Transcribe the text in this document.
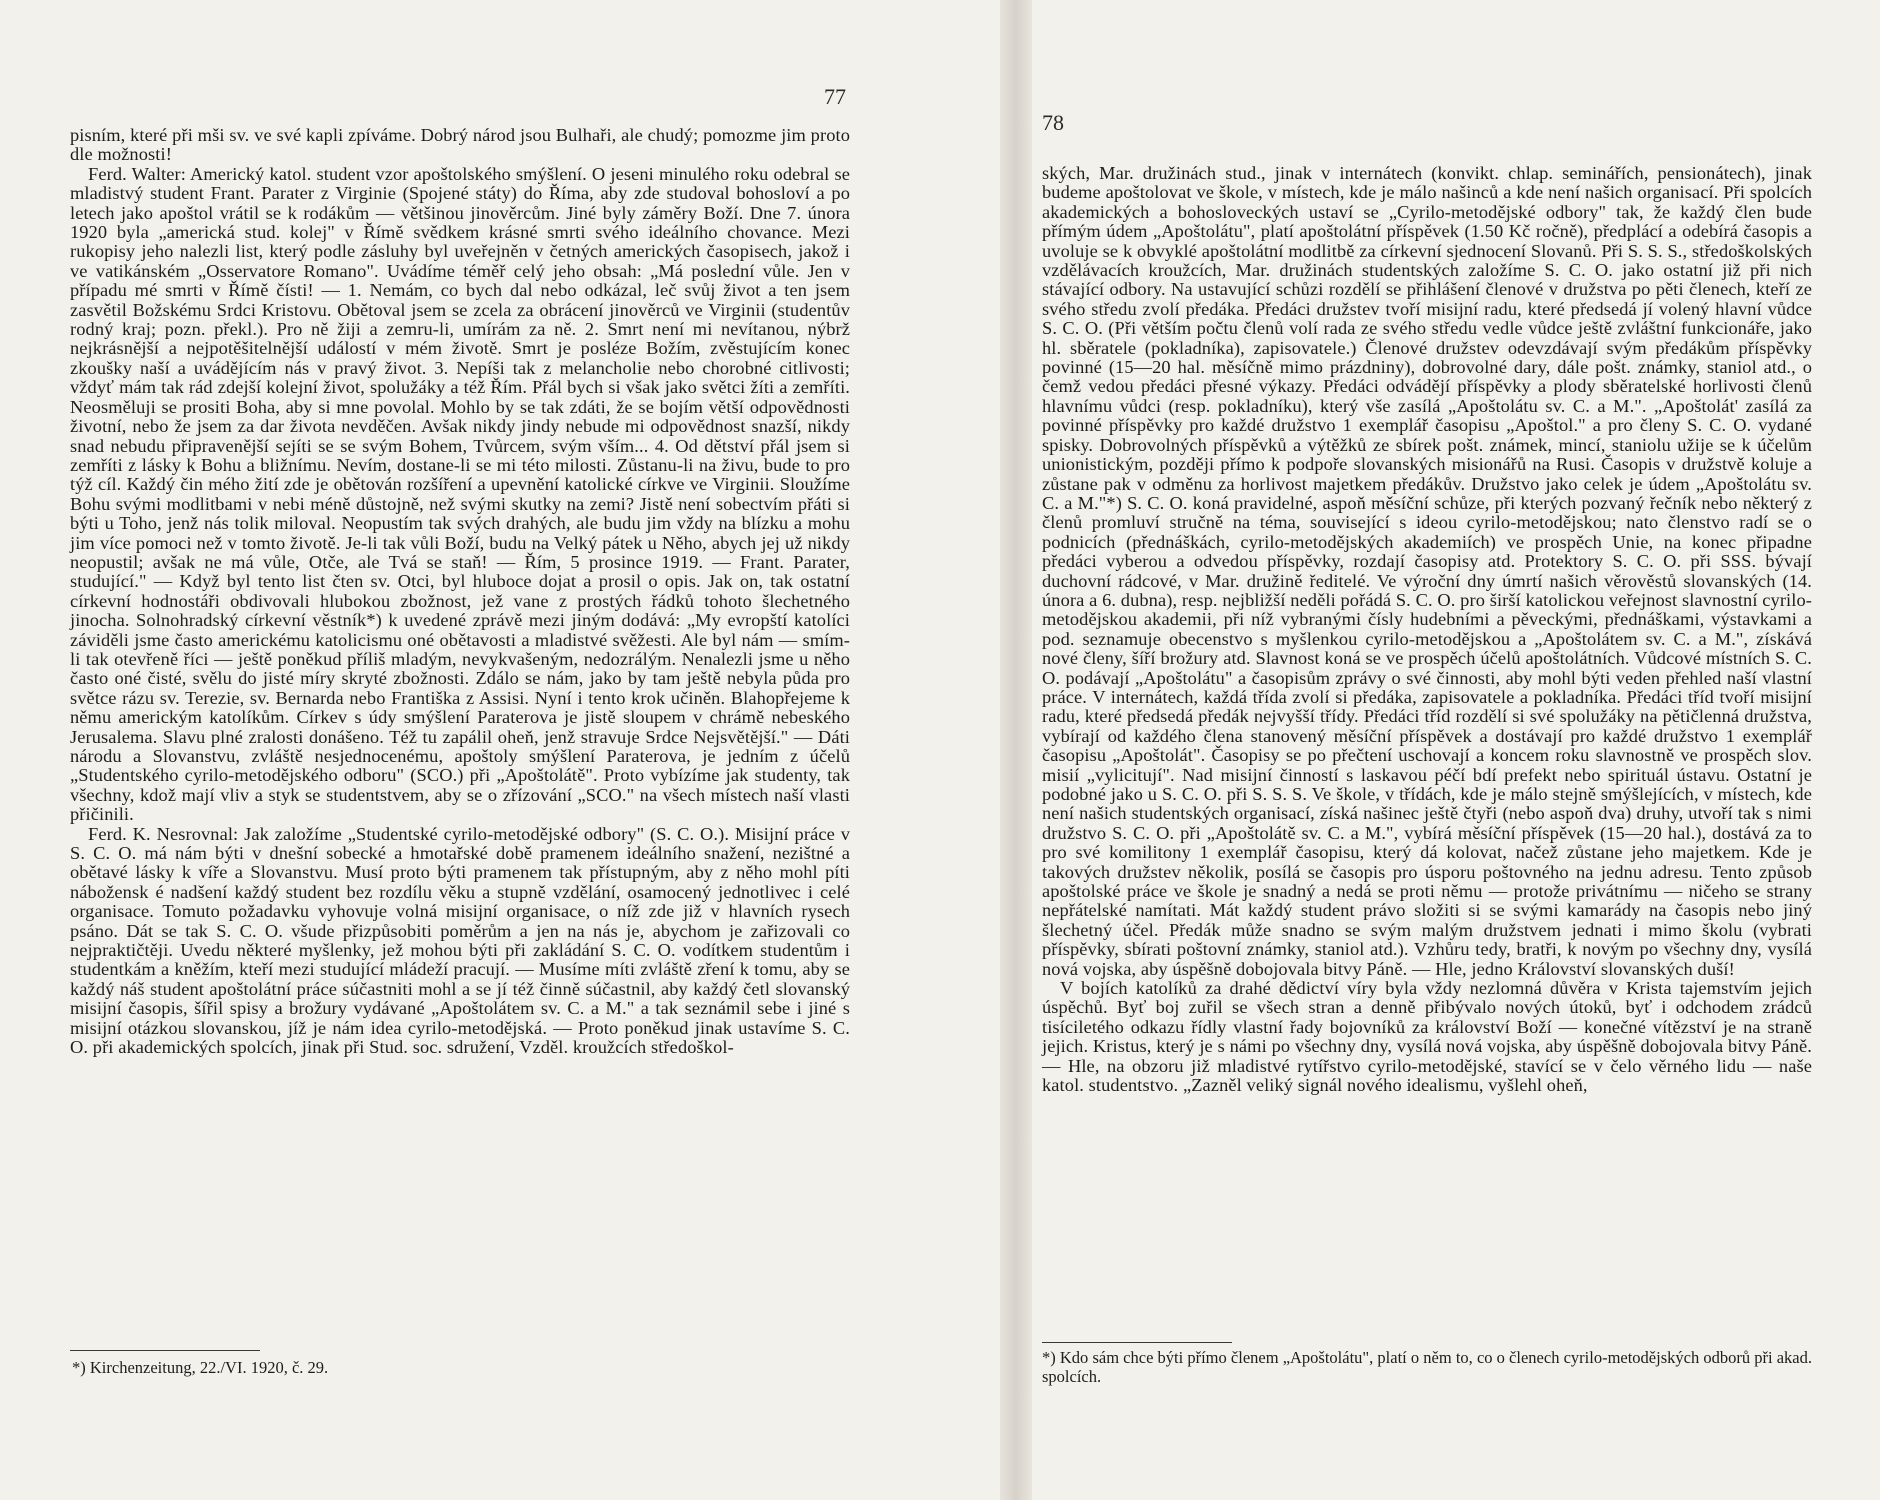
77

pisním, které při mši sv. ve své kapli zpíváme. Dobrý národ jsou Bulhaři, ale chudý; pomozme jim proto dle možnosti!

Ferd. Walter: Americký katol. student vzor apoštolského smýšlení. O jeseni minulého roku odebral se mladistvý student Frant. Parater z Virginie (Spojené státy) do Říma, aby zde studoval bohosloví a po letech jako apoštol vrátil se k rodákům — většinou jinověrcům. Jiné byly záměry Boží. Dne 7. února 1920 byla „americká stud. kolej" v Římě svědkem krásné smrti svého ideálního chovance. Mezi rukopisy jeho nalezli list, který podle zásluhy byl uveřejněn v četných amerických časopisech, jakož i ve vatikánském „Osservatore Romano". Uvádíme téměř celý jeho obsah: „Má poslední vůle. Jen v případu mé smrti v Římě čísti! — 1. Nemám, co bych dal nebo odkázal, leč svůj život a ten jsem zasvětil Božskému Srdci Kristovu. Obětoval jsem se zcela za obrácení jinověrců ve Virginii (studentův rodný kraj; pozn. překl.). Pro ně žiji a zemru-li, umírám za ně. 2. Smrt není mi nevítanou, nýbrž nejkrásnější a nejpotěšitelnější událostí v mém životě. Smrt je posléze Božím, zvěstujícím konec zkoušky naší a uvádějícím nás v pravý život. 3. Nepíši tak z melancholie nebo chorobné citlivosti; vždyť mám tak rád zdejší kolejní život, spolužáky a též Řím. Přál bych si však jako světci žíti a zemříti. Neosměluji se prositi Boha, aby si mne povolal. Mohlo by se tak zdáti, že se bojím větší odpovědnosti životní, nebo že jsem za dar života nevděčen. Avšak nikdy jindy nebude mi odpovědnost snazší, nikdy snad nebudu připravenější sejíti se se svým Bohem, Tvůrcem, svým vším... 4. Od dětství přál jsem si zemříti z lásky k Bohu a bližnímu. Nevím, dostane-li se mi této milosti. Zůstanu-li na živu, bude to pro týž cíl. Každý čin mého žití zde je obětován rozšíření a upevnění katolické církve ve Virginii. Sloužíme Bohu svými modlitbami v nebi méně důstojně, než svými skutky na zemi? Jistě není sobectvím přáti si býti u Toho, jenž nás tolik miloval. Neopustím tak svých drahých, ale budu jim vždy na blízku a mohu jim více pomoci než v tomto životě. Je-li tak vůli Boží, budu na Velký pátek u Něho, abych jej už nikdy neopustil; avšak ne má vůle, Otče, ale Tvá se staň! — Řím, 5 prosince 1919. — Frant. Parater, studující." — Když byl tento list čten sv. Otci, byl hluboce dojat a prosil o opis. Jak on, tak ostatní církevní hodnostáři obdivovali hlubokou zbožnost, jež vane z prostých řádků tohoto šlechetného jinocha. Solnohradský církevní věstník*) k uvedené zprávě mezi jiným dodává: „My evropští katolíci záviděli jsme často americkému katolicismu oné obětavosti a mladistvé svěžesti. Ale byl nám — smím-li tak otevřeně říci — ještě poněkud příliš mladým, nevykvašeným, nedozrálým. Nenalezli jsme u něho často oné čisté, svělu do jisté míry skryté zbožnosti. Zdálo se nám, jako by tam ještě nebyla půda pro světce rázu sv. Terezie, sv. Bernarda nebo Františka z Assisi. Nyní i tento krok učiněn. Blahopřejeme k němu americkým katolíkům. Církev s údy smýšlení Paraterova je jistě sloupem v chrámě nebeského Jerusalema. Slavu plné zralosti donášeno. Též tu zapálil oheň, jenž stravuje Srdce Nejsvětější." — Dáti národu a Slovanstvu, zvláště nesjednocenému, apoštoly smýšlení Paraterova, je jedním z účelů „Studentského cyrilo-metodějského odboru" (SCO.) při „Apoštolátě". Proto vybízíme jak studenty, tak všechny, kdož mají vliv a styk se studentstvem, aby se o zřízování „SCO." na všech místech naší vlasti přičinili.

Ferd. K. Nesrovnal: Jak založíme „Studentské cyrilo-metodějské odbory" (S. C. O.). Misijní práce v S. C. O. má nám býti v dnešní sobecké a hmotařské době pramenem ideálního snažení, nezištné a obětavé lásky k víře a Slovanstvu. Musí proto býti pramenem tak přístupným, aby z něho mohl píti nábožensk é nadšení každý student bez rozdílu věku a stupně vzdělání, osamocený jednotlivec i celé organisace. Tomuto požadavku vyhovuje volná misijní organisace, o níž zde již v hlavních rysech psáno. Dát se tak S. C. O. všude přizpůsobiti poměrům a jen na nás je, abychom je zařizovali co nejpraktičtěji. Uvedu některé myšlenky, jež mohou býti při zakládání S. C. O. vodítkem studentům i studentkám a kněžím, kteří mezi studující mládeží pracují. — Musíme míti zvláště zření k tomu, aby se každý náš student apoštolátní práce súčastniti mohl a se jí též činně súčastnil, aby každý četl slovanský misijní časopis, šířil spisy a brožury vydávané „Apoštolátem sv. C. a M." a tak seznámil sebe i jiné s misijní otázkou slovanskou, jíž je nám idea cyrilo-metodějská. — Proto poněkud jinak ustavíme S. C. O. při akademických spolcích, jinak při Stud. soc. sdružení, Vzděl. kroužcích středoškol-

*) Kirchenzeitung, 22./VI. 1920, č. 29.
78

ských, Mar. družinách stud., jinak v internátech (konvikt. chlap. seminářích, pensionátech), jinak budeme apoštolovat ve škole, v místech, kde je málo našinců a kde není našich organisací. Při spolcích akademických a bohosloveckých ustaví se „Cyrilo-metodějské odbory" tak, že každý člen bude přímým údem „Apoštolátu", platí apoštolátní příspěvek (1.50 Kč ročně), předplácí a odebírá časopis a uvoluje se k obvyklé apoštolátní modlitbě za církevní sjednocení Slovanů. Při S. S. S., středoškolských vzdělávacích kroužcích, Mar. družinách studentských založíme S. C. O. jako ostatní již při nich stávající odbory. Na ustavující schůzi rozdělí se přihlášení členové v družstva po pěti členech, kteří ze svého středu zvolí předáka. Předáci družstev tvoří misijní radu, které předsedá jí volený hlavní vůdce S. C. O. (Při větším počtu členů volí rada ze svého středu vedle vůdce ještě zvláštní funkcionáře, jako hl. sběratele (pokladníka), zapisovatele.) Členové družstev odevzdávají svým předákům příspěvky povinné (15—20 hal. měsíčně mimo prázdniny), dobrovolné dary, dále pošt. známky, staniol atd., o čemž vedou předáci přesné výkazy. Předáci odvádějí příspěvky a plody sběratelské horlivosti členů hlavnímu vůdci (resp. pokladníku), který vše zasílá „Apoštolátu sv. C. a M.". „Apoštolát' zasílá za povinné příspěvky pro každé družstvo 1 exemplář časopisu „Apoštol." a pro členy S. C. O. vydané spisky. Dobrovolných příspěvků a výtěžků ze sbírek pošt. známek, mincí, staniolu užije se k účelům unionistickým, později přímo k podpoře slovanských misionářů na Rusi. Časopis v družstvě koluje a zůstane pak v odměnu za horlivost majetkem předákův. Družstvo jako celek je údem „Apoštolátu sv. C. a M."*) S. C. O. koná pravidelné, aspoň měsíční schůze, při kterých pozvaný řečník nebo některý z členů promluví stručně na téma, související s ideou cyrilo-metodějskou; nato členstvo radí se o podnicích (přednáškách, cyrilo-metodějských akademiích) ve prospěch Unie, na konec připadne předáci vyberou a odvedou příspěvky, rozdají časopisy atd. Protektory S. C. O. při SSS. bývají duchovní rádcové, v Mar. družině ředitelé. Ve výroční dny úmrtí našich věrověstů slovanských (14. února a 6. dubna), resp. nejbližší neděli pořádá S. C. O. pro širší katolickou veřejnost slavnostní cyrilo-metodějskou akademii, při níž vybranými čísly hudebními a pěveckými, přednáškami, výstavkami a pod. seznamuje obecenstvo s myšlenkou cyrilo-metodějskou a „Apoštolátem sv. C. a M.", získává nové členy, šíří brožury atd. Slavnost koná se ve prospěch účelů apoštolátních. Vůdcové místních S. C. O. podávají „Apoštolátu" a časopisům zprávy o své činnosti, aby mohl býti veden přehled naší vlastní práce. V internátech, každá třída zvolí si předáka, zapisovatele a pokladníka. Předáci tříd tvoří misijní radu, které předsedá předák nejvyšší třídy. Předáci tříd rozdělí si své spolužáky na pětičlenná družstva, vybírají od každého člena stanovený měsíční příspěvek a dostávají pro každé družstvo 1 exemplář časopisu „Apoštolát". Časopisy se po přečtení uschovají a koncem roku slavnostně ve prospěch slov. misií „vylicitují". Nad misijní činností s laskavou péčí bdí prefekt nebo spirituál ústavu. Ostatní je podobné jako u S. C. O. při S. S. S. Ve škole, v třídách, kde je málo stejně smýšlejících, v místech, kde není našich studentských organisací, získá našinec ještě čtyři (nebo aspoň dva) druhy, utvoří tak s nimi družstvo S. C. O. při „Apoštolátě sv. C. a M.", vybírá měsíční příspěvek (15—20 hal.), dostává za to pro své komilitony 1 exemplář časopisu, který dá kolovat, načež zůstane jeho majetkem. Kde je takových družstev několik, posílá se časopis pro úsporu poštovného na jednu adresu. Tento způsob apoštolské práce ve škole je snadný a nedá se proti němu — protože privátnímu — ničeho se strany nepřátelské namítati. Mát každý student právo složiti si se svými kamarády na časopis nebo jiný šlechetný účel. Předák může snadno se svým malým družstvem jednati i mimo školu (vybrati příspěvky, sbírati poštovní známky, staniol atd.). Vzhůru tedy, bratři, k novým po všechny dny, vysílá nová vojska, aby úspěšně dobojovala bitvy Páně. — Hle, jedno Království slovanských duší!

V bojích katolíků za drahé dědictví víry byla vždy nezlomná důvěra v Krista tajemstvím jejich úspěchů. Byť boj zuřil se všech stran a denně přibývalo nových útoků, byť i odchodem zrádců tisíciletého odkazu řídly vlastní řady bojovníků za království Boží — konečné vítězství je na straně jejich. Kristus, který je s námi po všechny dny, vysílá nová vojska, aby úspěšně dobojovala bitvy Páně. — Hle, na obzoru již mladistvé rytířstvo cyrilo-metodějské, stavící se v čelo věrného lidu — naše katol. studentstvo. „Zazněl veliký signál nového idealismu, vyšlehl oheň,

*) Kdo sám chce býti přímo členem „Apoštolátu", platí o něm to, co o členech cyrilo-metodějských odborů při akad. spolcích.
